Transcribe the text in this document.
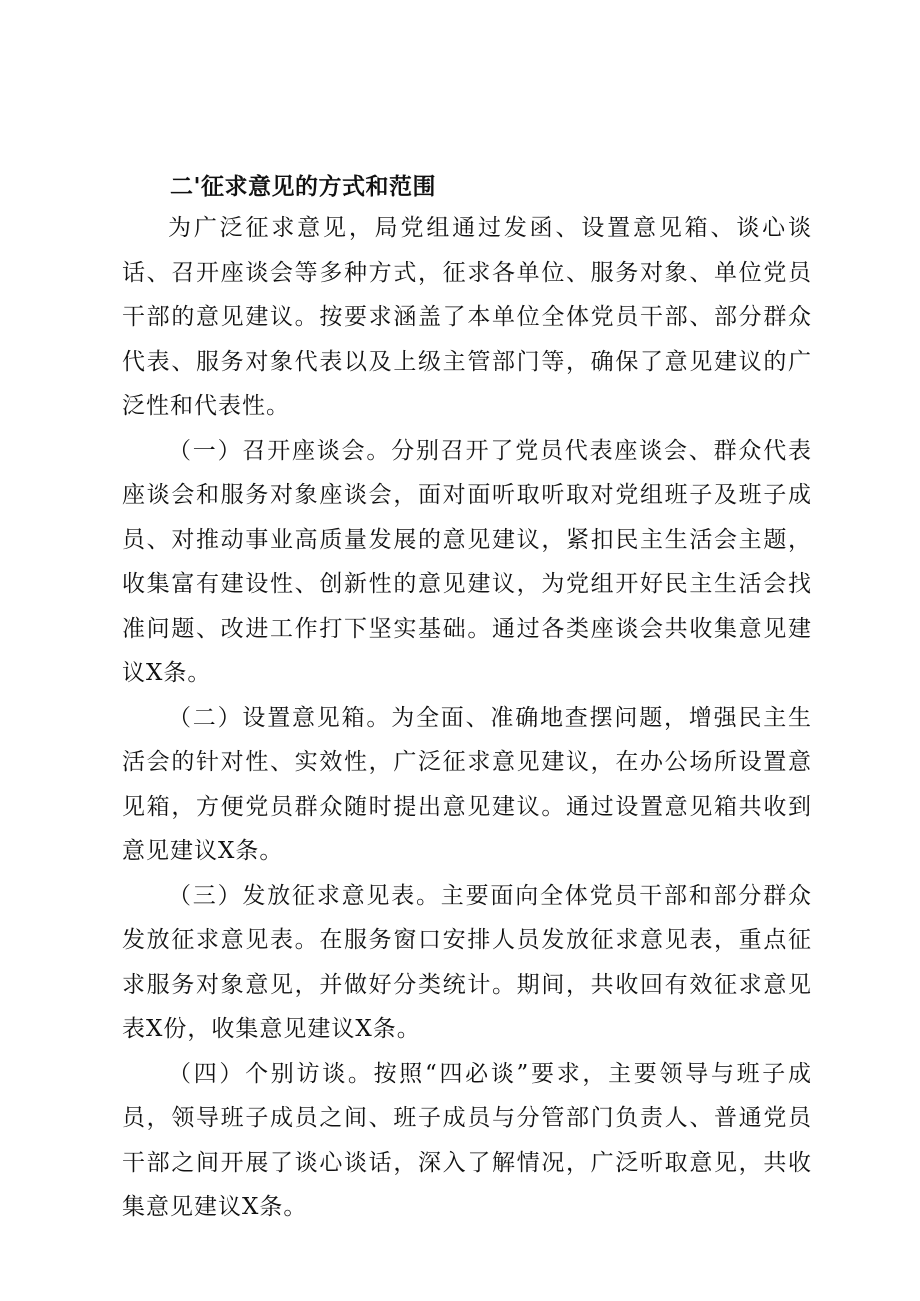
二'征求意见的方式和范围

为广泛征求意见，局党组通过发函、设置意见箱、谈心谈话、召开座谈会等多种方式，征求各单位、服务对象、单位党员干部的意见建议。按要求涵盖了本单位全体党员干部、部分群众代表、服务对象代表以及上级主管部门等，确保了意见建议的广泛性和代表性。

（一）召开座谈会。分别召开了党员代表座谈会、群众代表座谈会和服务对象座谈会，面对面听取听取对党组班子及班子成员、对推动事业高质量发展的意见建议，紧扣民主生活会主题，收集富有建设性、创新性的意见建议，为党组开好民主生活会找准问题、改进工作打下坚实基础。通过各类座谈会共收集意见建议X条。

（二）设置意见箱。为全面、准确地查摆问题，增强民主生活会的针对性、实效性，广泛征求意见建议，在办公场所设置意见箱，方便党员群众随时提出意见建议。通过设置意见箱共收到意见建议X条。

（三）发放征求意见表。主要面向全体党员干部和部分群众发放征求意见表。在服务窗口安排人员发放征求意见表，重点征求服务对象意见，并做好分类统计。期间，共收回有效征求意见表X份，收集意见建议X条。

（四）个别访谈。按照“四必谈”要求，主要领导与班子成员，领导班子成员之间、班子成员与分管部门负责人、普通党员干部之间开展了谈心谈话，深入了解情况，广泛听取意见，共收集意见建议X条。
